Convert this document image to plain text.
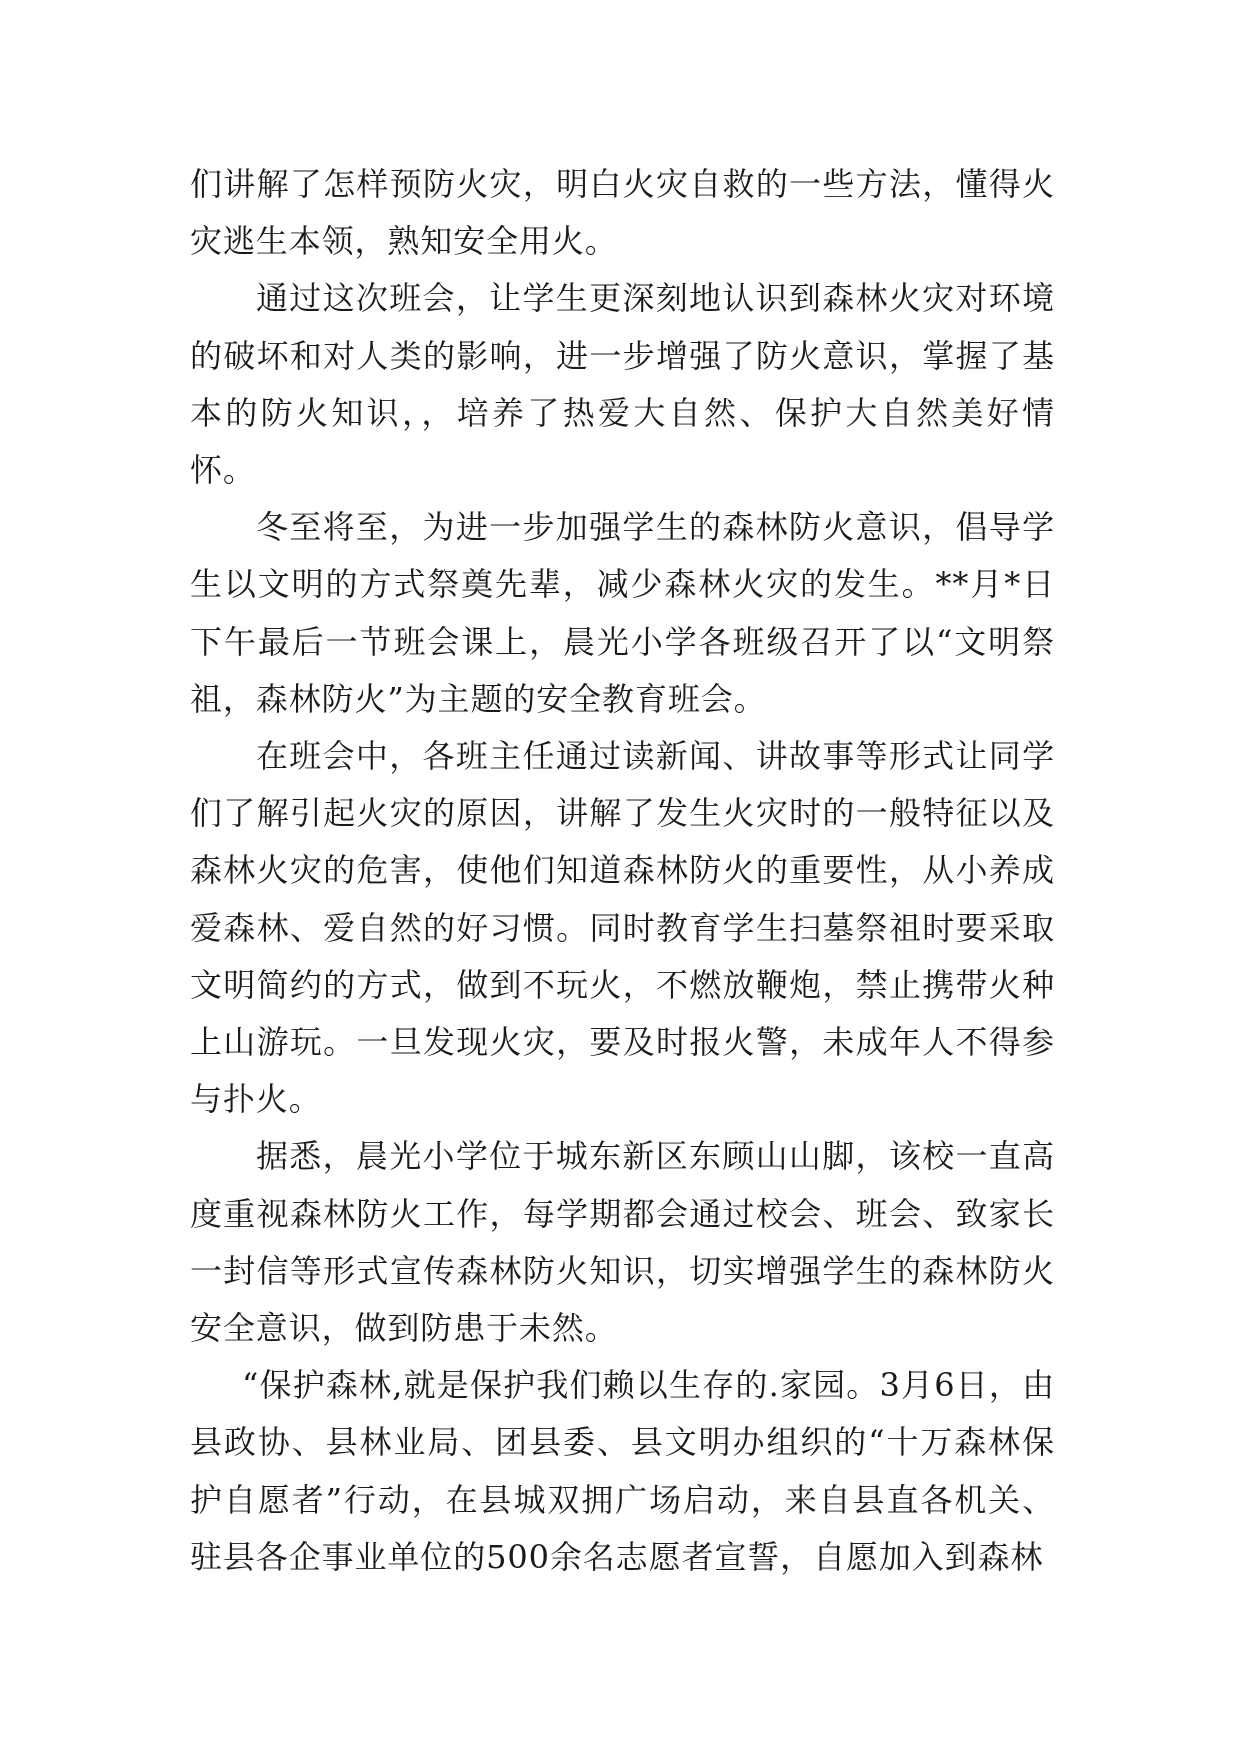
们讲解了怎样预防火灾，明白火灾自救的一些方法，懂得火灾逃生本领，熟知安全用火。

通过这次班会，让学生更深刻地认识到森林火灾对环境的破坏和对人类的影响，进一步增强了防火意识，掌握了基本的防火知识，，培养了热爱大自然、保护大自然美好情怀。

冬至将至，为进一步加强学生的森林防火意识，倡导学生以文明的方式祭奠先辈，减少森林火灾的发生。**月*日下午最后一节班会课上，晨光小学各班级召开了以“文明祭祖，森林防火”为主题的安全教育班会。

在班会中，各班主任通过读新闻、讲故事等形式让同学们了解引起火灾的原因，讲解了发生火灾时的一般特征以及森林火灾的危害，使他们知道森林防火的重要性，从小养成爱森林、爱自然的好习惯。同时教育学生扫墓祭祖时要采取文明简约的方式，做到不玩火，不燃放鞭炮，禁止携带火种上山游玩。一旦发现火灾，要及时报火警，未成年人不得参与扑火。

据悉，晨光小学位于城东新区东顾山山脚，该校一直高度重视森林防火工作，每学期都会通过校会、班会、致家长一封信等形式宣传森林防火知识，切实增强学生的森林防火安全意识，做到防患于未然。

“保护森林,就是保护我们赖以生存的.家园。3月6日，由县政协、县林业局、团县委、县文明办组织的“十万森林保护自愿者”行动，在县城双拥广场启动，来自县直各机关、驻县各企事业单位的500余名志愿者宣誓，自愿加入到森林
